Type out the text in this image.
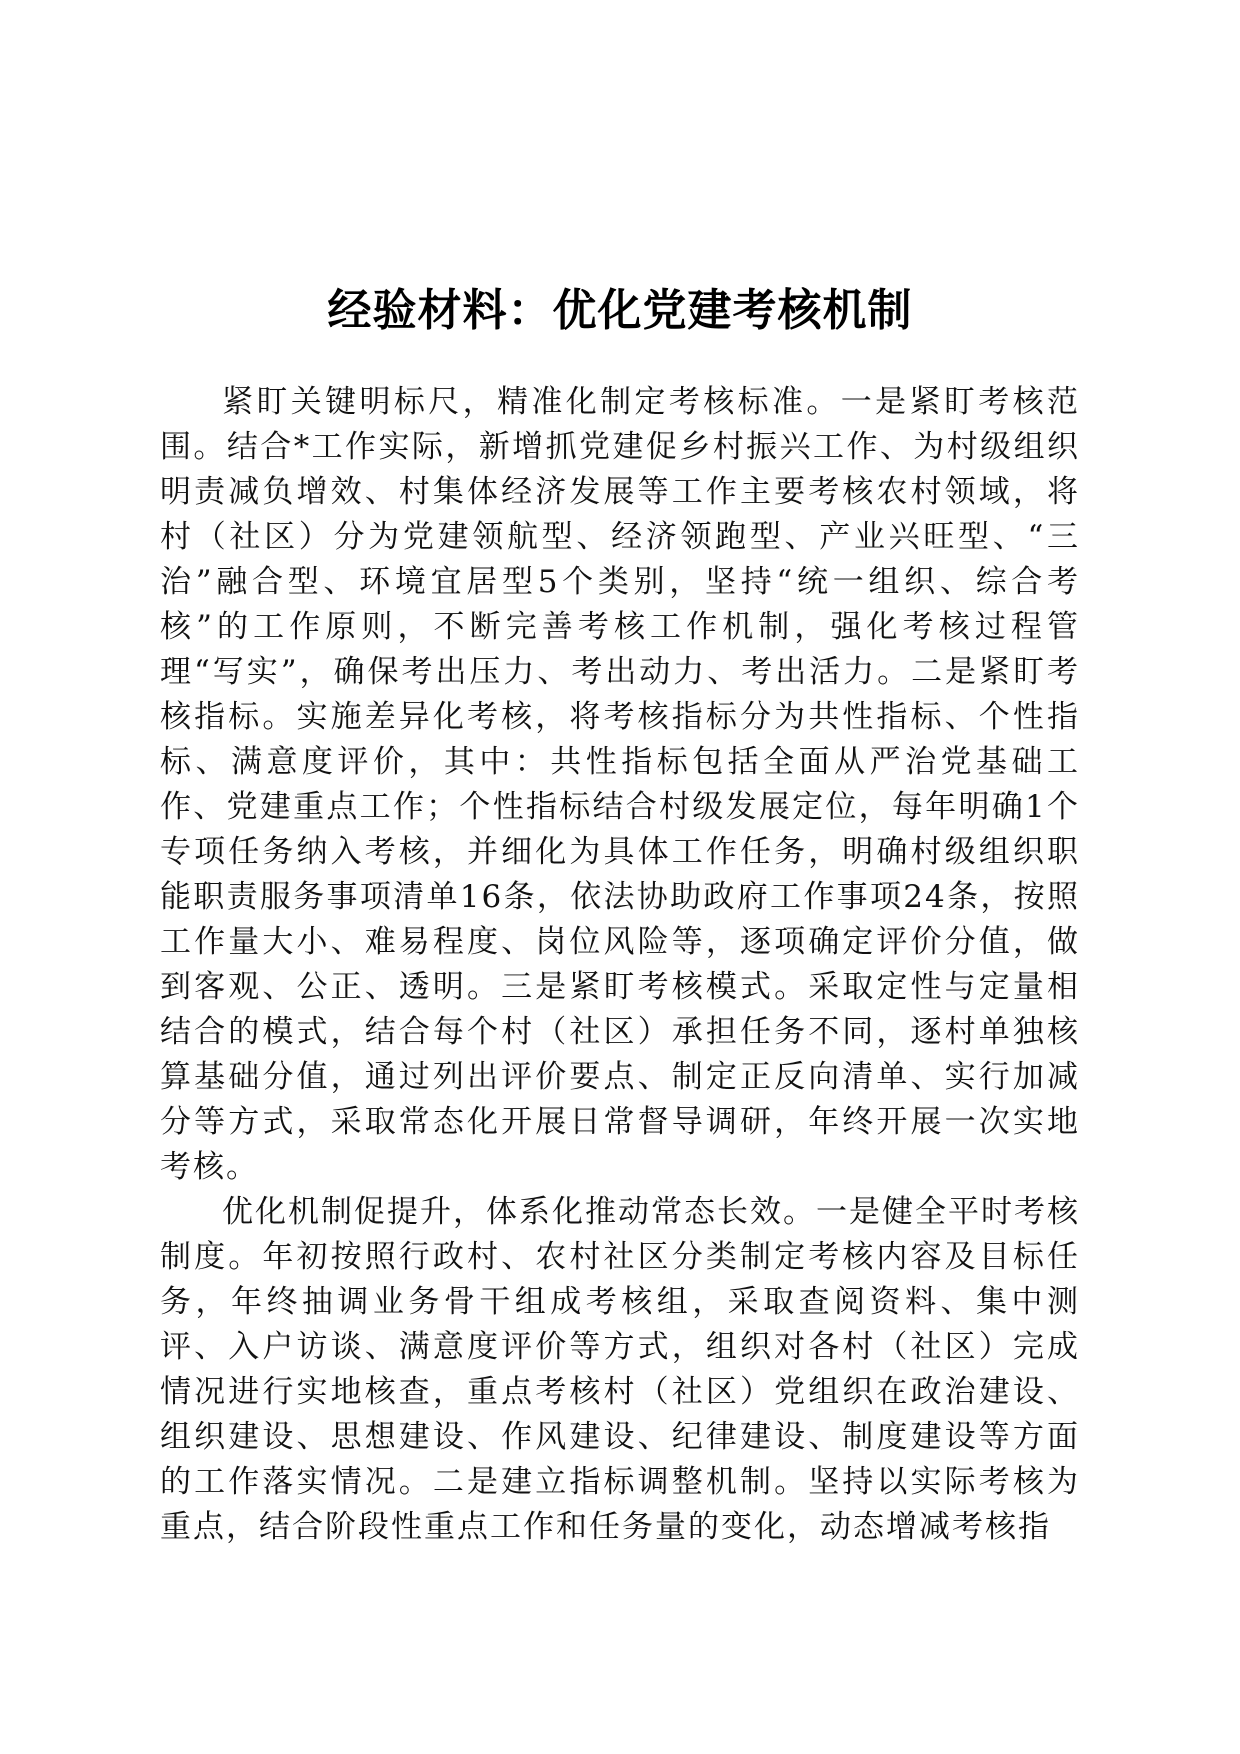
经验材料：优化党建考核机制

紧盯关键明标尺，精准化制定考核标准。一是紧盯考核范围。结合*工作实际，新增抓党建促乡村振兴工作、为村级组织明责减负增效、村集体经济发展等工作主要考核农村领域，将村（社区）分为党建领航型、经济领跑型、产业兴旺型、“三治”融合型、环境宜居型5个类别，坚持“统一组织、综合考核”的工作原则，不断完善考核工作机制，强化考核过程管理“写实”，确保考出压力、考出动力、考出活力。二是紧盯考核指标。实施差异化考核，将考核指标分为共性指标、个性指标、满意度评价，其中：共性指标包括全面从严治党基础工作、党建重点工作；个性指标结合村级发展定位，每年明确1个专项任务纳入考核，并细化为具体工作任务，明确村级组织职能职责服务事项清单16条，依法协助政府工作事项24条，按照工作量大小、难易程度、岗位风险等，逐项确定评价分值，做到客观、公正、透明。三是紧盯考核模式。采取定性与定量相结合的模式，结合每个村（社区）承担任务不同，逐村单独核算基础分值，通过列出评价要点、制定正反向清单、实行加减分等方式，采取常态化开展日常督导调研，年终开展一次实地考核。

优化机制促提升，体系化推动常态长效。一是健全平时考核制度。年初按照行政村、农村社区分类制定考核内容及目标任务，年终抽调业务骨干组成考核组，采取查阅资料、集中测评、入户访谈、满意度评价等方式，组织对各村（社区）完成情况进行实地核查，重点考核村（社区）党组织在政治建设、组织建设、思想建设、作风建设、纪律建设、制度建设等方面的工作落实情况。二是建立指标调整机制。坚持以实际考核为重点，结合阶段性重点工作和任务量的变化，动态增减考核指
